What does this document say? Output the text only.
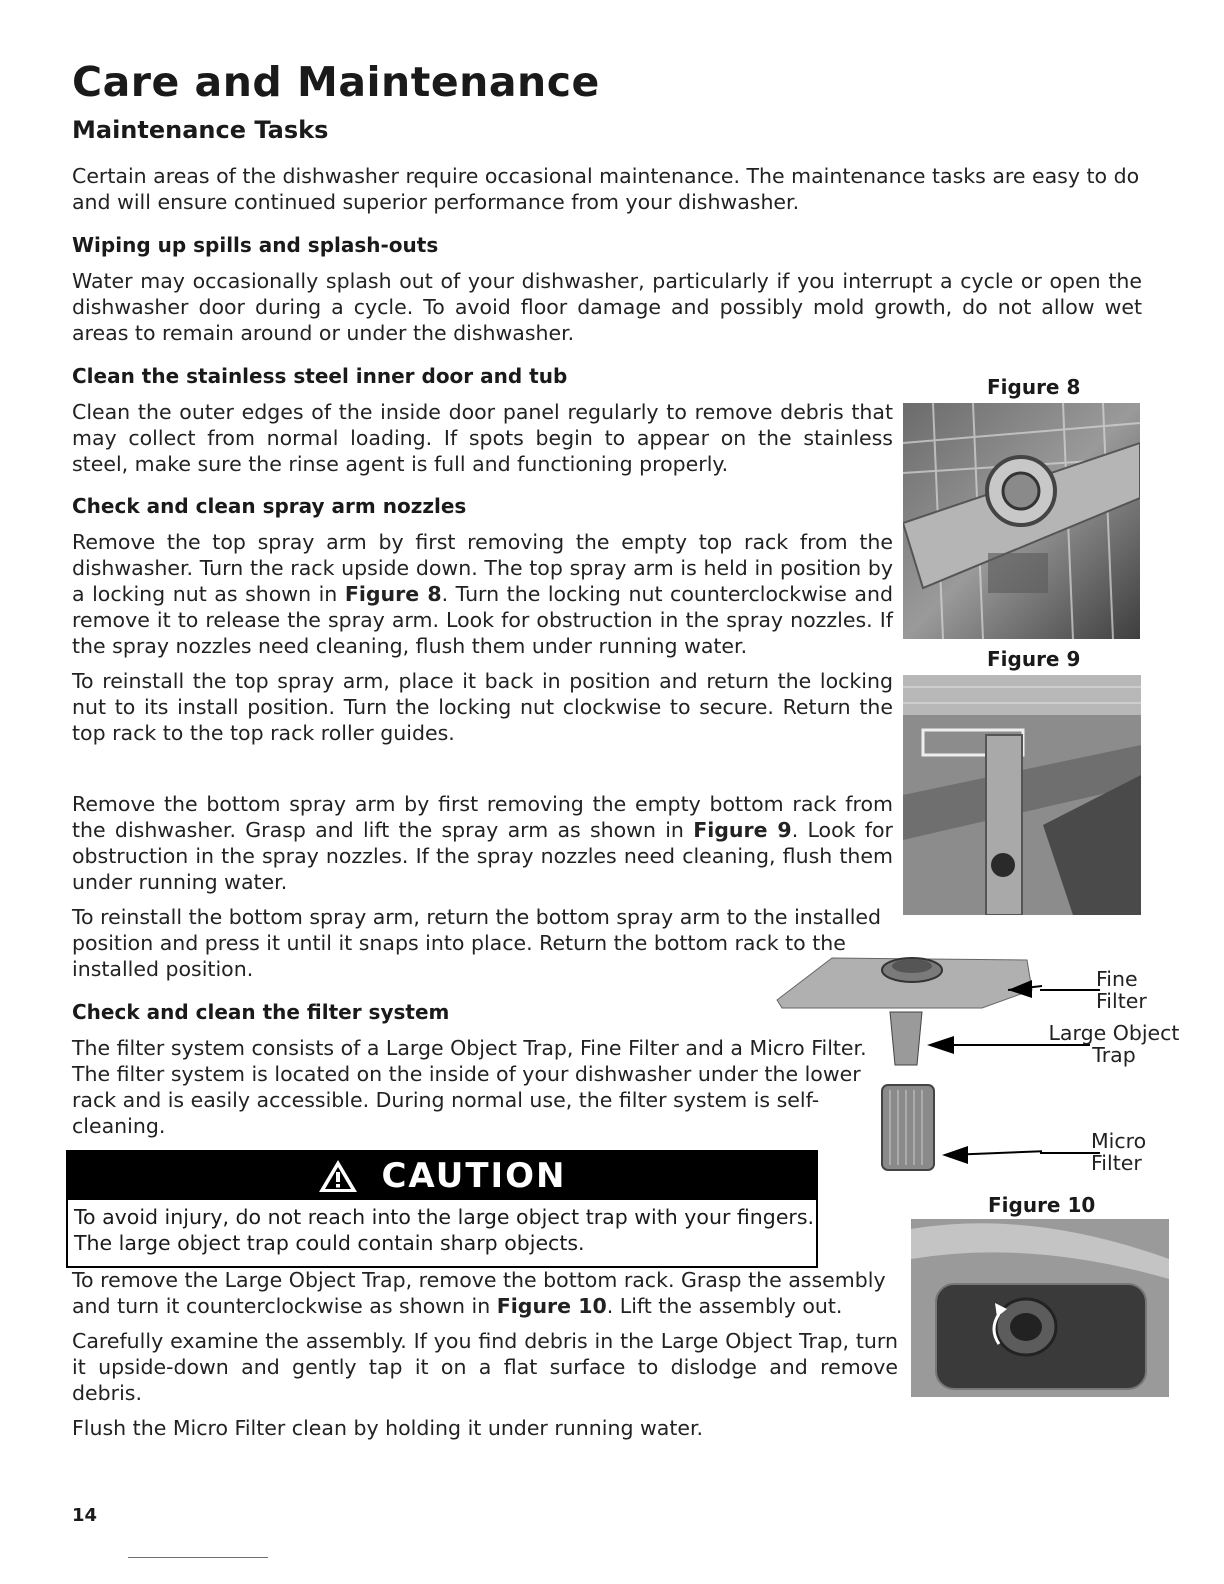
Care and Maintenance
Maintenance Tasks

Certain areas of the dishwasher require occasional maintenance. The maintenance tasks are easy to do and will ensure continued superior performance from your dishwasher.

Wiping up spills and splash-outs

Water may occasionally splash out of your dishwasher, particularly if you interrupt a cycle or open the dishwasher door during a cycle. To avoid floor damage and possibly mold growth, do not allow wet areas to remain around or under the dishwasher.

Clean the stainless steel inner door and tub

Clean the outer edges of the inside door panel regularly to remove debris that may collect from normal loading. If spots begin to appear on the stainless steel, make sure the rinse agent is full and functioning properly.

Check and clean spray arm nozzles

Remove the top spray arm by first removing the empty top rack from the dishwasher. Turn the rack upside down. The top spray arm is held in position by a locking nut as shown in Figure 8. Turn the locking nut counterclockwise and remove it to release the spray arm. Look for obstruction in the spray nozzles. If the spray nozzles need cleaning, flush them under running water.

To reinstall the top spray arm, place it back in position and return the locking nut to its install position. Turn the locking nut clockwise to secure. Return the top rack to the top rack roller guides.

Remove the bottom spray arm by first removing the empty bottom rack from the dishwasher. Grasp and lift the spray arm as shown in Figure 9. Look for obstruction in the spray nozzles. If the spray nozzles need cleaning, flush them under running water.

To reinstall the bottom spray arm, return the bottom spray arm to the installed position and press it until it snaps into place. Return the bottom rack to the installed position.

Check and clean the filter system

The filter system consists of a Large Object Trap, Fine Filter and a Micro Filter. The filter system is located on the inside of your dishwasher under the lower rack and is easily accessible. During normal use, the filter system is self-cleaning.

CAUTION
To avoid injury, do not reach into the large object trap with your fingers.
The large object trap could contain sharp objects.

To remove the Large Object Trap, remove the bottom rack. Grasp the assembly and turn it counterclockwise as shown in Figure 10. Lift the assembly out.

Carefully examine the assembly. If you find debris in the Large Object Trap, turn it upside-down and gently tap it on a flat surface to dislodge and remove debris.

Flush the Micro Filter clean by holding it under running water.

Figure 8
Figure 9
Fine
Filter
Large Object
Trap
Micro
Filter
Figure 10
14
